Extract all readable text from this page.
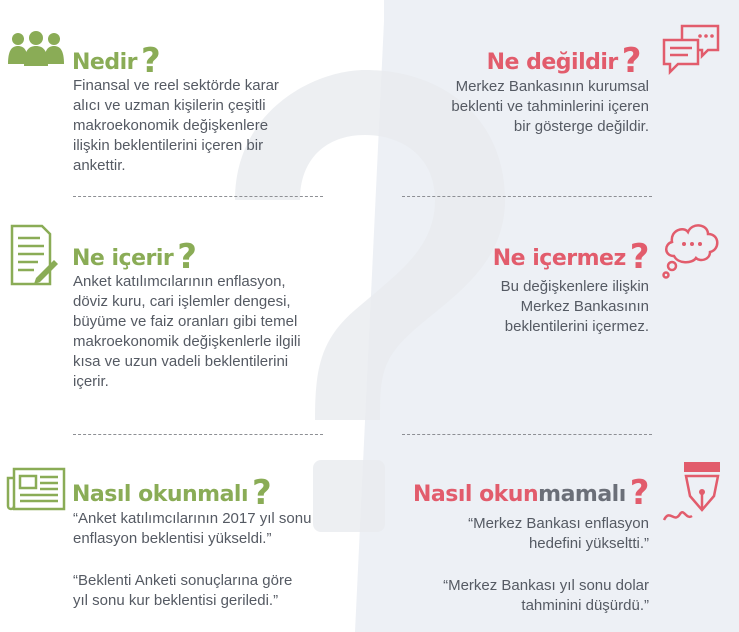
Nedir ?

Finansal ve reel sektörde karar

alıcı ve uzman kişilerin çeşitli

makroekonomik değişkenlere

ilişkin beklentilerini içeren bir

ankettir.

Ne değildir ?

Merkez Bankasının kurumsal

beklenti ve tahminlerini içeren

bir gösterge değildir.

Ne içerir ?

Anket katılımcılarının enflasyon,

döviz kuru, cari işlemler dengesi,

büyüme ve faiz oranları gibi temel

makroekonomik değişkenlerle ilgili

kısa ve uzun vadeli beklentilerini

içerir.

Ne içermez ?

Bu değişkenlere ilişkin

Merkez Bankasının

beklentilerini içermez.

Nasıl okunmalı ?

“Anket katılımcılarının 2017 yıl sonu

enflasyon beklentisi yükseldi.”

“Beklenti Anketi sonuçlarına göre

yıl sonu kur beklentisi geriledi.”

Nasıl okunmamalı ?

“Merkez Bankası enflasyon

hedefini yükseltti.”

“Merkez Bankası yıl sonu dolar

tahminini düşürdü.”
